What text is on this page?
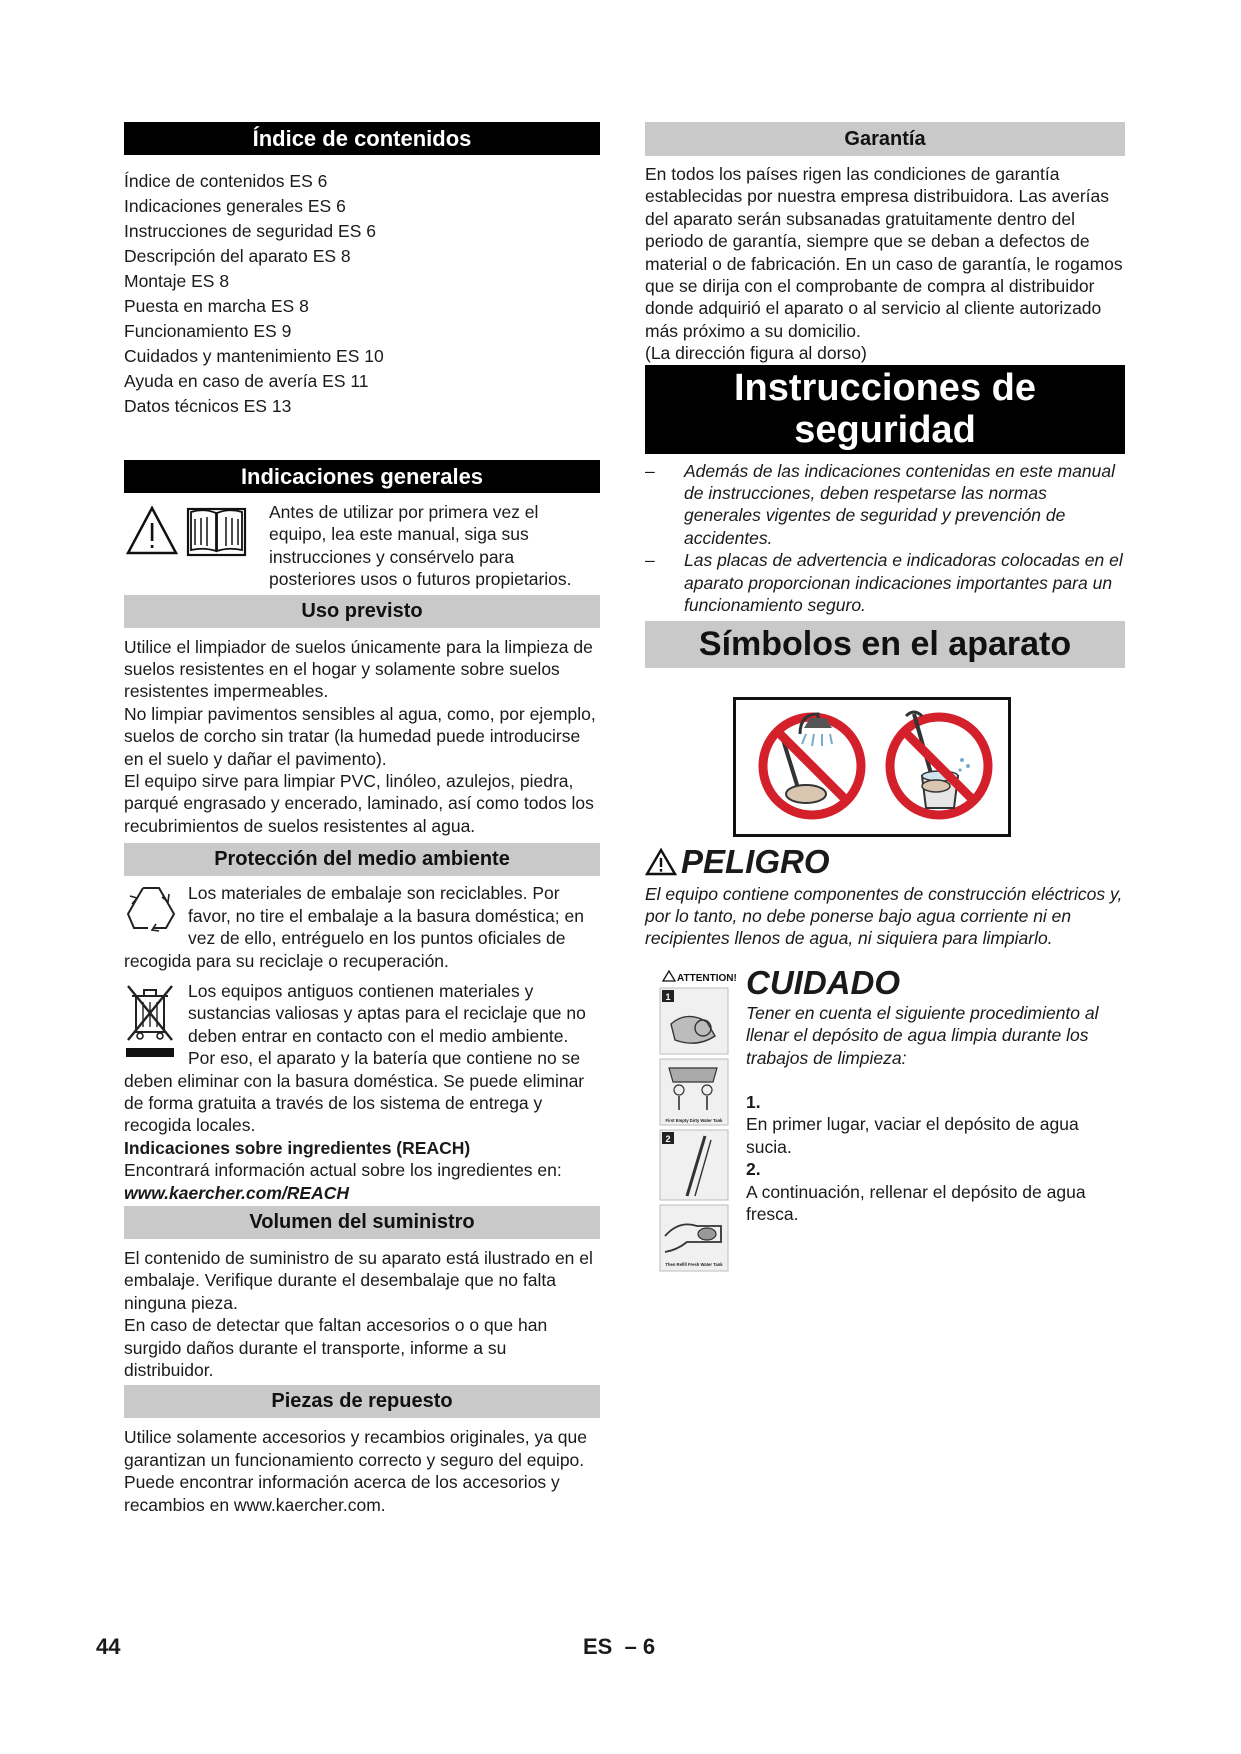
Índice de contenidos
Índice de contenidos ES 6
Indicaciones generales ES 6
Instrucciones de seguridad ES 6
Descripción del aparato ES 8
Montaje ES 8
Puesta en marcha ES 8
Funcionamiento ES 9
Cuidados y mantenimiento ES 10
Ayuda en caso de avería ES 11
Datos técnicos ES 13
Indicaciones generales

Antes de utilizar por primera vez el equipo, lea este manual, siga sus instrucciones y consérvelo para posteriores usos o futuros propietarios.

Uso previsto

Utilice el limpiador de suelos únicamente para la limpieza de suelos resistentes en el hogar y solamente sobre suelos resistentes impermeables.

No limpiar pavimentos sensibles al agua, como, por ejemplo, suelos de corcho sin tratar (la humedad puede introducirse en el suelo y dañar el pavimento).

El equipo sirve para limpiar PVC, linóleo, azulejos, piedra, parqué engrasado y encerado, laminado, así como todos los recubrimientos de suelos resistentes al agua.

Protección del medio ambiente

Los materiales de embalaje son reciclables. Por favor, no tire el embalaje a la basura doméstica; en vez de ello, entréguelo en los puntos oficiales de recogida para su reciclaje o recuperación.

Los equipos antiguos contienen materiales y sustancias valiosas y aptas para el reciclaje que no deben entrar en contacto con el medio ambiente. Por eso, el aparato y la batería que contiene no se deben eliminar con la basura doméstica. Se puede eliminar de forma gratuita a través de los sistema de entrega y recogida locales.

Indicaciones sobre ingredientes (REACH)

Encontrará información actual sobre los ingredientes en:

www.kaercher.com/REACH

Volumen del suministro

El contenido de suministro de su aparato está ilustrado en el embalaje. Verifique durante el desembalaje que no falta ninguna pieza.

En caso de detectar que faltan accesorios o o que han surgido daños durante el transporte, informe a su distribuidor.

Piezas de repuesto

Utilice solamente accesorios y recambios originales, ya que garantizan un funcionamiento correcto y seguro del equipo.

Puede encontrar información acerca de los accesorios y recambios en www.kaercher.com.

Garantía

En todos los países rigen las condiciones de garantía establecidas por nuestra empresa distribuidora. Las averías del aparato serán subsanadas gratuitamente dentro del periodo de garantía, siempre que se deban a defectos de material o de fabricación. En un caso de garantía, le rogamos que se dirija con el comprobante de compra al distribuidor donde adquirió el aparato o al servicio al cliente autorizado más próximo a su domicilio.

(La dirección figura al dorso)

Instrucciones de seguridad
– Además de las indicaciones contenidas en este manual de instrucciones, deben respetarse las normas generales vigentes de seguridad y prevención de accidentes.
– Las placas de advertencia e indicadoras colocadas en el aparato proporcionan indicaciones importantes para un funcionamiento seguro.
Símbolos en el aparato
PELIGRO

El equipo contiene componentes de construcción eléctricos y, por lo tanto, no debe ponerse bajo agua corriente ni en recipientes llenos de agua, ni siquiera para limpiarlo.

ATTENTION!
1
First Empty Dirty Water Tank
2
Then Refill Fresh Water Tank
CUIDADO

Tener en cuenta el siguiente procedimiento al llenar el depósito de agua limpia durante los trabajos de limpieza:

1.

En primer lugar, vaciar el depósito de agua sucia.

2.

A continuación, rellenar el depósito de agua fresca.

44	ES  – 6
